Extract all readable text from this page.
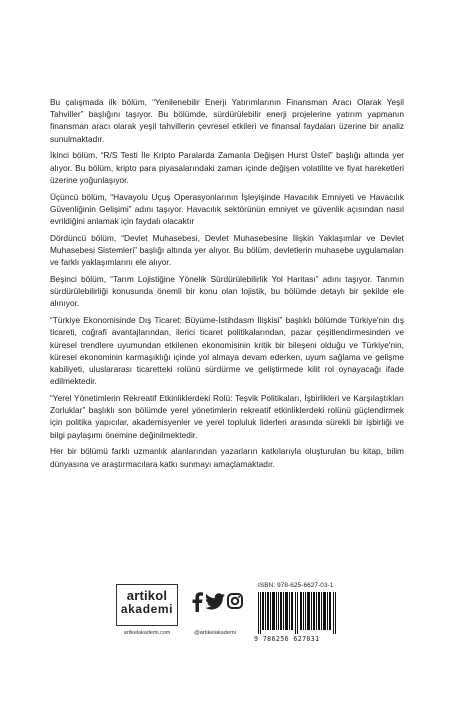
Bu çalışmada ilk bölüm, “Yenilenebilir Enerji Yatırımlarının Finansman Aracı Olarak Yeşil Tahviller” başlığını taşıyor. Bu bölümde, sürdürülebilir enerji projelerine yatırım yapmanın finansman aracı olarak yeşil tahvillerin çevresel etkileri ve finansal faydaları üzerine bir analiz sunulmaktadır.

İkinci bölüm, “R/S Testi İle Kripto Paralarda Zamanla Değişen Hurst Üstel” başlığı altında yer alıyor. Bu bölüm, kripto para piyasalarındaki zaman içinde değişen volatilite ve fiyat hareketleri üzerine yoğunlaşıyor.

Üçüncü bölüm, “Havayolu Uçuş Operasyonlarının İşleyişinde Havacılık Emniyeti ve Havacılık Güvenliğinin Gelişimi” adını taşıyor. Havacılık sektörünün emniyet ve güvenlik açısından nasıl evrildiğini anlamak için faydalı olacaktır

Dördüncü bölüm, “Devlet Muhasebesi, Devlet Muhasebesine İlişkin Yaklaşımlar ve Devlet Muhasebesi Sistemleri” başlığı altında yer alıyor. Bu bölüm, devletlerin muhasebe uygulamaları ve farklı yaklaşımlarını ele alıyor.

Beşinci bölüm, “Tarım Lojistiğine Yönelik Sürdürülebilirlik Yol Haritası” adını taşıyor. Tarımın sürdürülebilirliği konusunda önemli bir konu olan lojistik, bu bölümde detaylı bir şekilde ele alınıyor.

“Türkiye Ekonomisinde Dış Ticaret: Büyüme-İstihdasm İlişkisi” başlıklı bölümde Türkiye'nin dış ticareti, coğrafi avantajlarından, ilerici ticaret politikalarından, pazar çeşitlendirmesinden ve küresel trendlere uyumundan etkilenen ekonomisinin kritik bir bileşeni olduğu ve Türkiye'nin, küresel ekonominin karmaşıklığı içinde yol almaya devam ederken, uyum sağlama ve gelişme kabiliyeti, uluslararası ticaretteki rolünü sürdürme ve geliştirmede kilit rol oynayacağı ifade edilmektedir.

“Yerel Yönetimlerin Rekreatif Etkinliklerdeki Rolü: Teşvik Politikaları, İşbirlikleri ve Karşılaştıkları Zorluklar” başlıklı son bölümde yerel yönetimlerin rekreatif etkinliklerdeki rolünü güçlendirmek için politika yapıcılar, akademisyenler ve yerel topluluk liderleri arasında sürekli bir işbirliği ve bilgi paylaşımı önemine değinilmektedir.

Her bir bölümü farklı uzmanlık alanlarından yazarların katkılarıyla oluşturulan bu kitap, bilim dünyasına ve araştırmacılara katkı sunmayı amaçlamaktadır.

artikol
akademi
artikelakademi.com	@artikelakademi
ISBN: 978-625-6627-03-1
9 786256 627031
